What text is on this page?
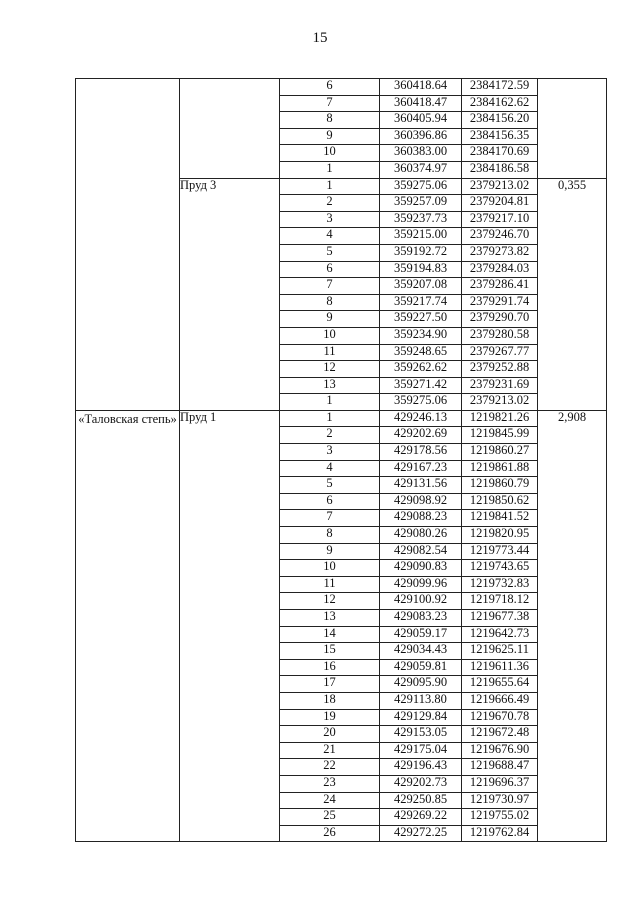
15
		6	360418.64	2384172.59	
		7	360418.47	2384162.62	
		8	360405.94	2384156.20	
		9	360396.86	2384156.35	
		10	360383.00	2384170.69	
		1	360374.97	2384186.58	
	Пруд 3	1	359275.06	2379213.02	0,355
		2	359257.09	2379204.81	
		3	359237.73	2379217.10	
		4	359215.00	2379246.70	
		5	359192.72	2379273.82	
		6	359194.83	2379284.03	
		7	359207.08	2379286.41	
		8	359217.74	2379291.74	
		9	359227.50	2379290.70	
		10	359234.90	2379280.58	
		11	359248.65	2379267.77	
		12	359262.62	2379252.88	
		13	359271.42	2379231.69	
		1	359275.06	2379213.02	
«Таловская степь»	Пруд 1	1	429246.13	1219821.26	2,908
		2	429202.69	1219845.99	
		3	429178.56	1219860.27	
		4	429167.23	1219861.88	
		5	429131.56	1219860.79	
		6	429098.92	1219850.62	
		7	429088.23	1219841.52	
		8	429080.26	1219820.95	
		9	429082.54	1219773.44	
		10	429090.83	1219743.65	
		11	429099.96	1219732.83	
		12	429100.92	1219718.12	
		13	429083.23	1219677.38	
		14	429059.17	1219642.73	
		15	429034.43	1219625.11	
		16	429059.81	1219611.36	
		17	429095.90	1219655.64	
		18	429113.80	1219666.49	
		19	429129.84	1219670.78	
		20	429153.05	1219672.48	
		21	429175.04	1219676.90	
		22	429196.43	1219688.47	
		23	429202.73	1219696.37	
		24	429250.85	1219730.97	
		25	429269.22	1219755.02	
		26	429272.25	1219762.84	
